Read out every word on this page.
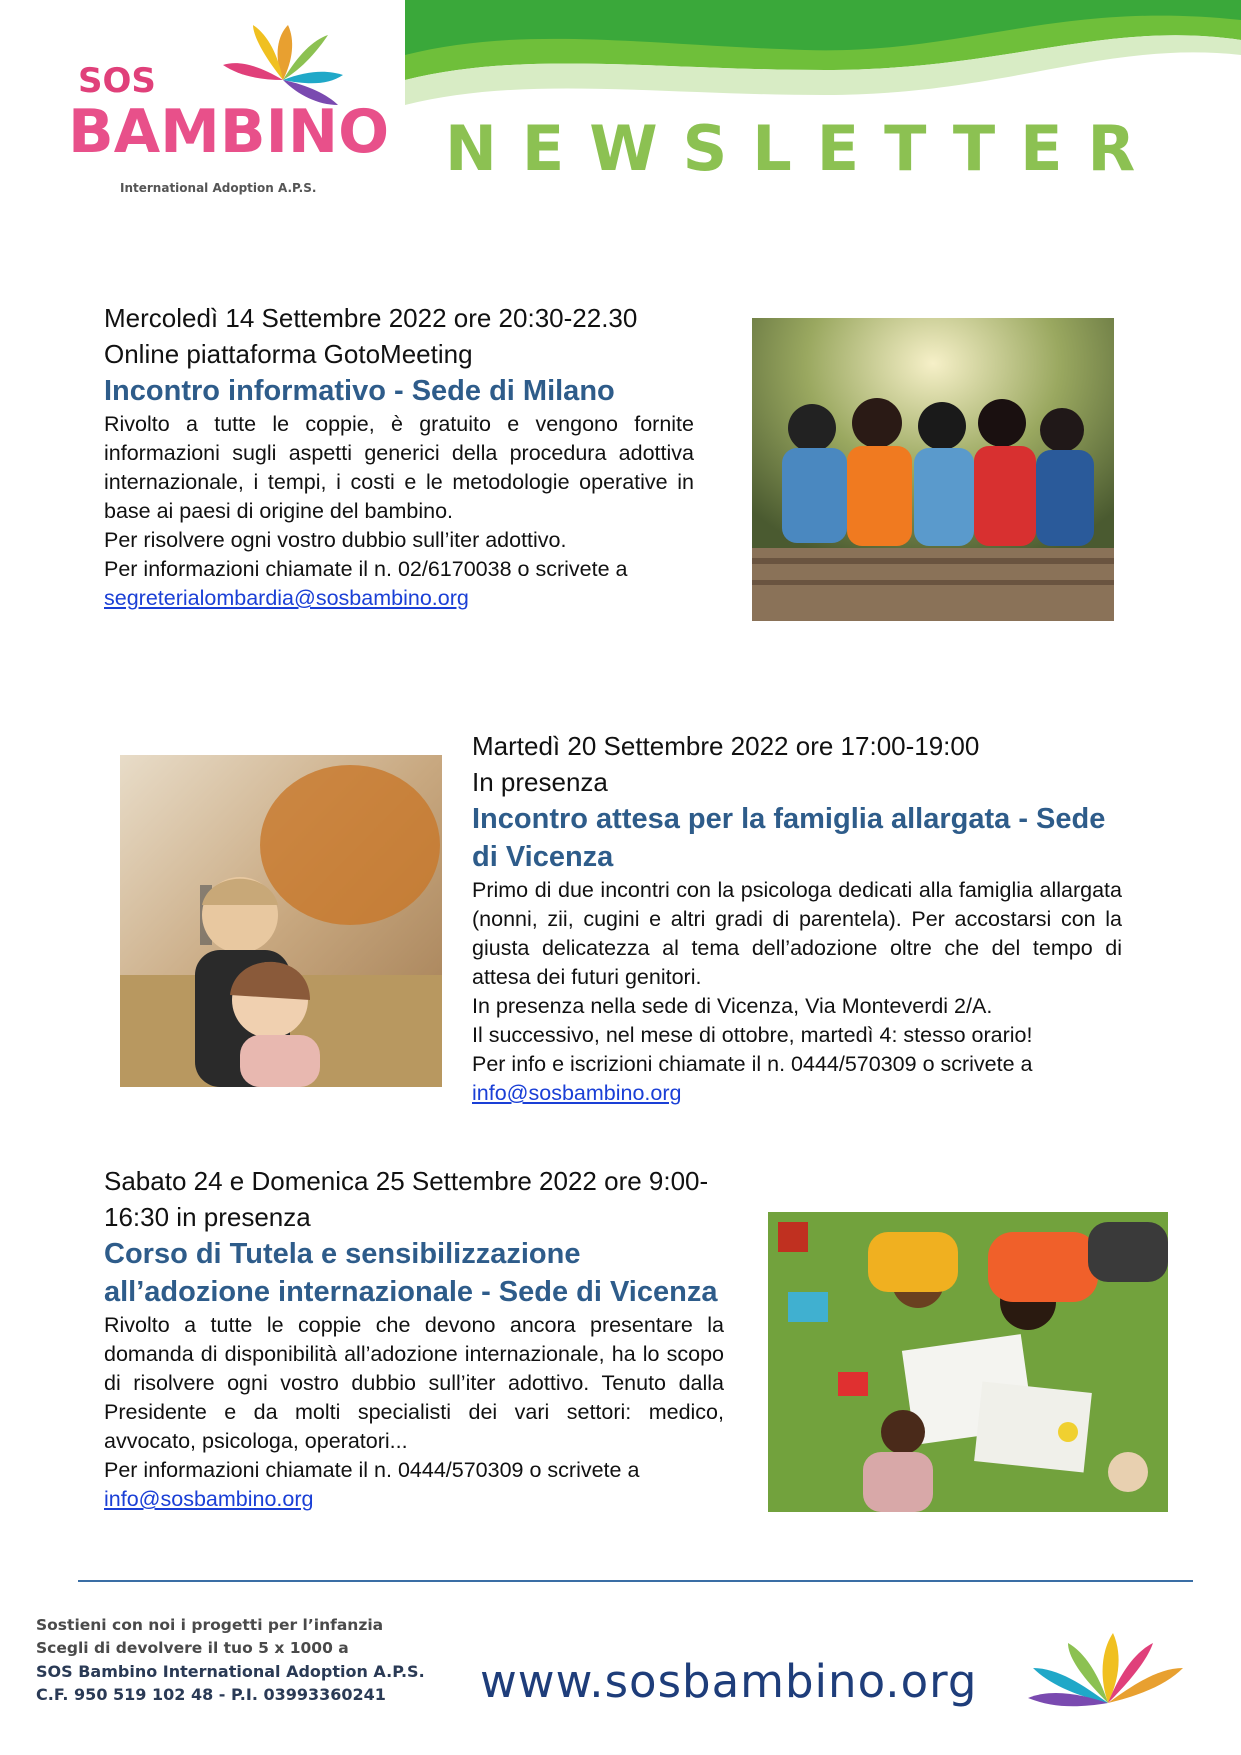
SOS
BAMBINO
International Adoption A.P.S.
NEWSLETTER
Mercoledì 14 Settembre 2022 ore 20:30-22.30
Online piattaforma GotoMeeting
Incontro informativo - Sede di Milano

Rivolto a tutte le coppie, è gratuito e vengono fornite informazioni sugli aspetti generici della procedura adottiva internazionale, i tempi, i costi e le metodologie operative in base ai paesi di origine del bambino.

Per risolvere ogni vostro dubbio sull’iter adottivo.

Per informazioni chiamate il n. 02/6170038 o scrivete a

segreterialombardia@sosbambino.org
Martedì 20 Settembre 2022 ore 17:00-19:00
In presenza
Incontro attesa per la famiglia allargata - Sede di Vicenza

Primo di due incontri con la psicologa dedicati alla famiglia allargata (nonni, zii, cugini e altri gradi di parentela). Per accostarsi con la giusta delicatezza al tema dell’adozione oltre che del tempo di attesa dei futuri genitori.

In presenza nella sede di Vicenza, Via Monteverdi 2/A.

Il successivo, nel mese di ottobre, martedì 4: stesso orario!

Per info e iscrizioni chiamate il n. 0444/570309 o scrivete a

info@sosbambino.org
Sabato 24 e Domenica 25 Settembre 2022 ore 9:00-16:30 in presenza
Corso di Tutela e sensibilizzazione all’adozione internazionale - Sede di Vicenza

Rivolto a tutte le coppie che devono ancora presentare la domanda di disponibilità all’adozione internazionale, ha lo scopo di risolvere ogni vostro dubbio sull’iter adottivo. Tenuto dalla Presidente e da molti specialisti dei vari settori: medico, avvocato, psicologa, operatori...

Per informazioni chiamate il n. 0444/570309 o scrivete a

info@sosbambino.org
Sostieni con noi i progetti per l’infanzia
Scegli di devolvere il tuo 5 x 1000 a
SOS Bambino International Adoption A.P.S.
C.F. 950 519 102 48 - P.I. 03993360241	www.sosbambino.org
